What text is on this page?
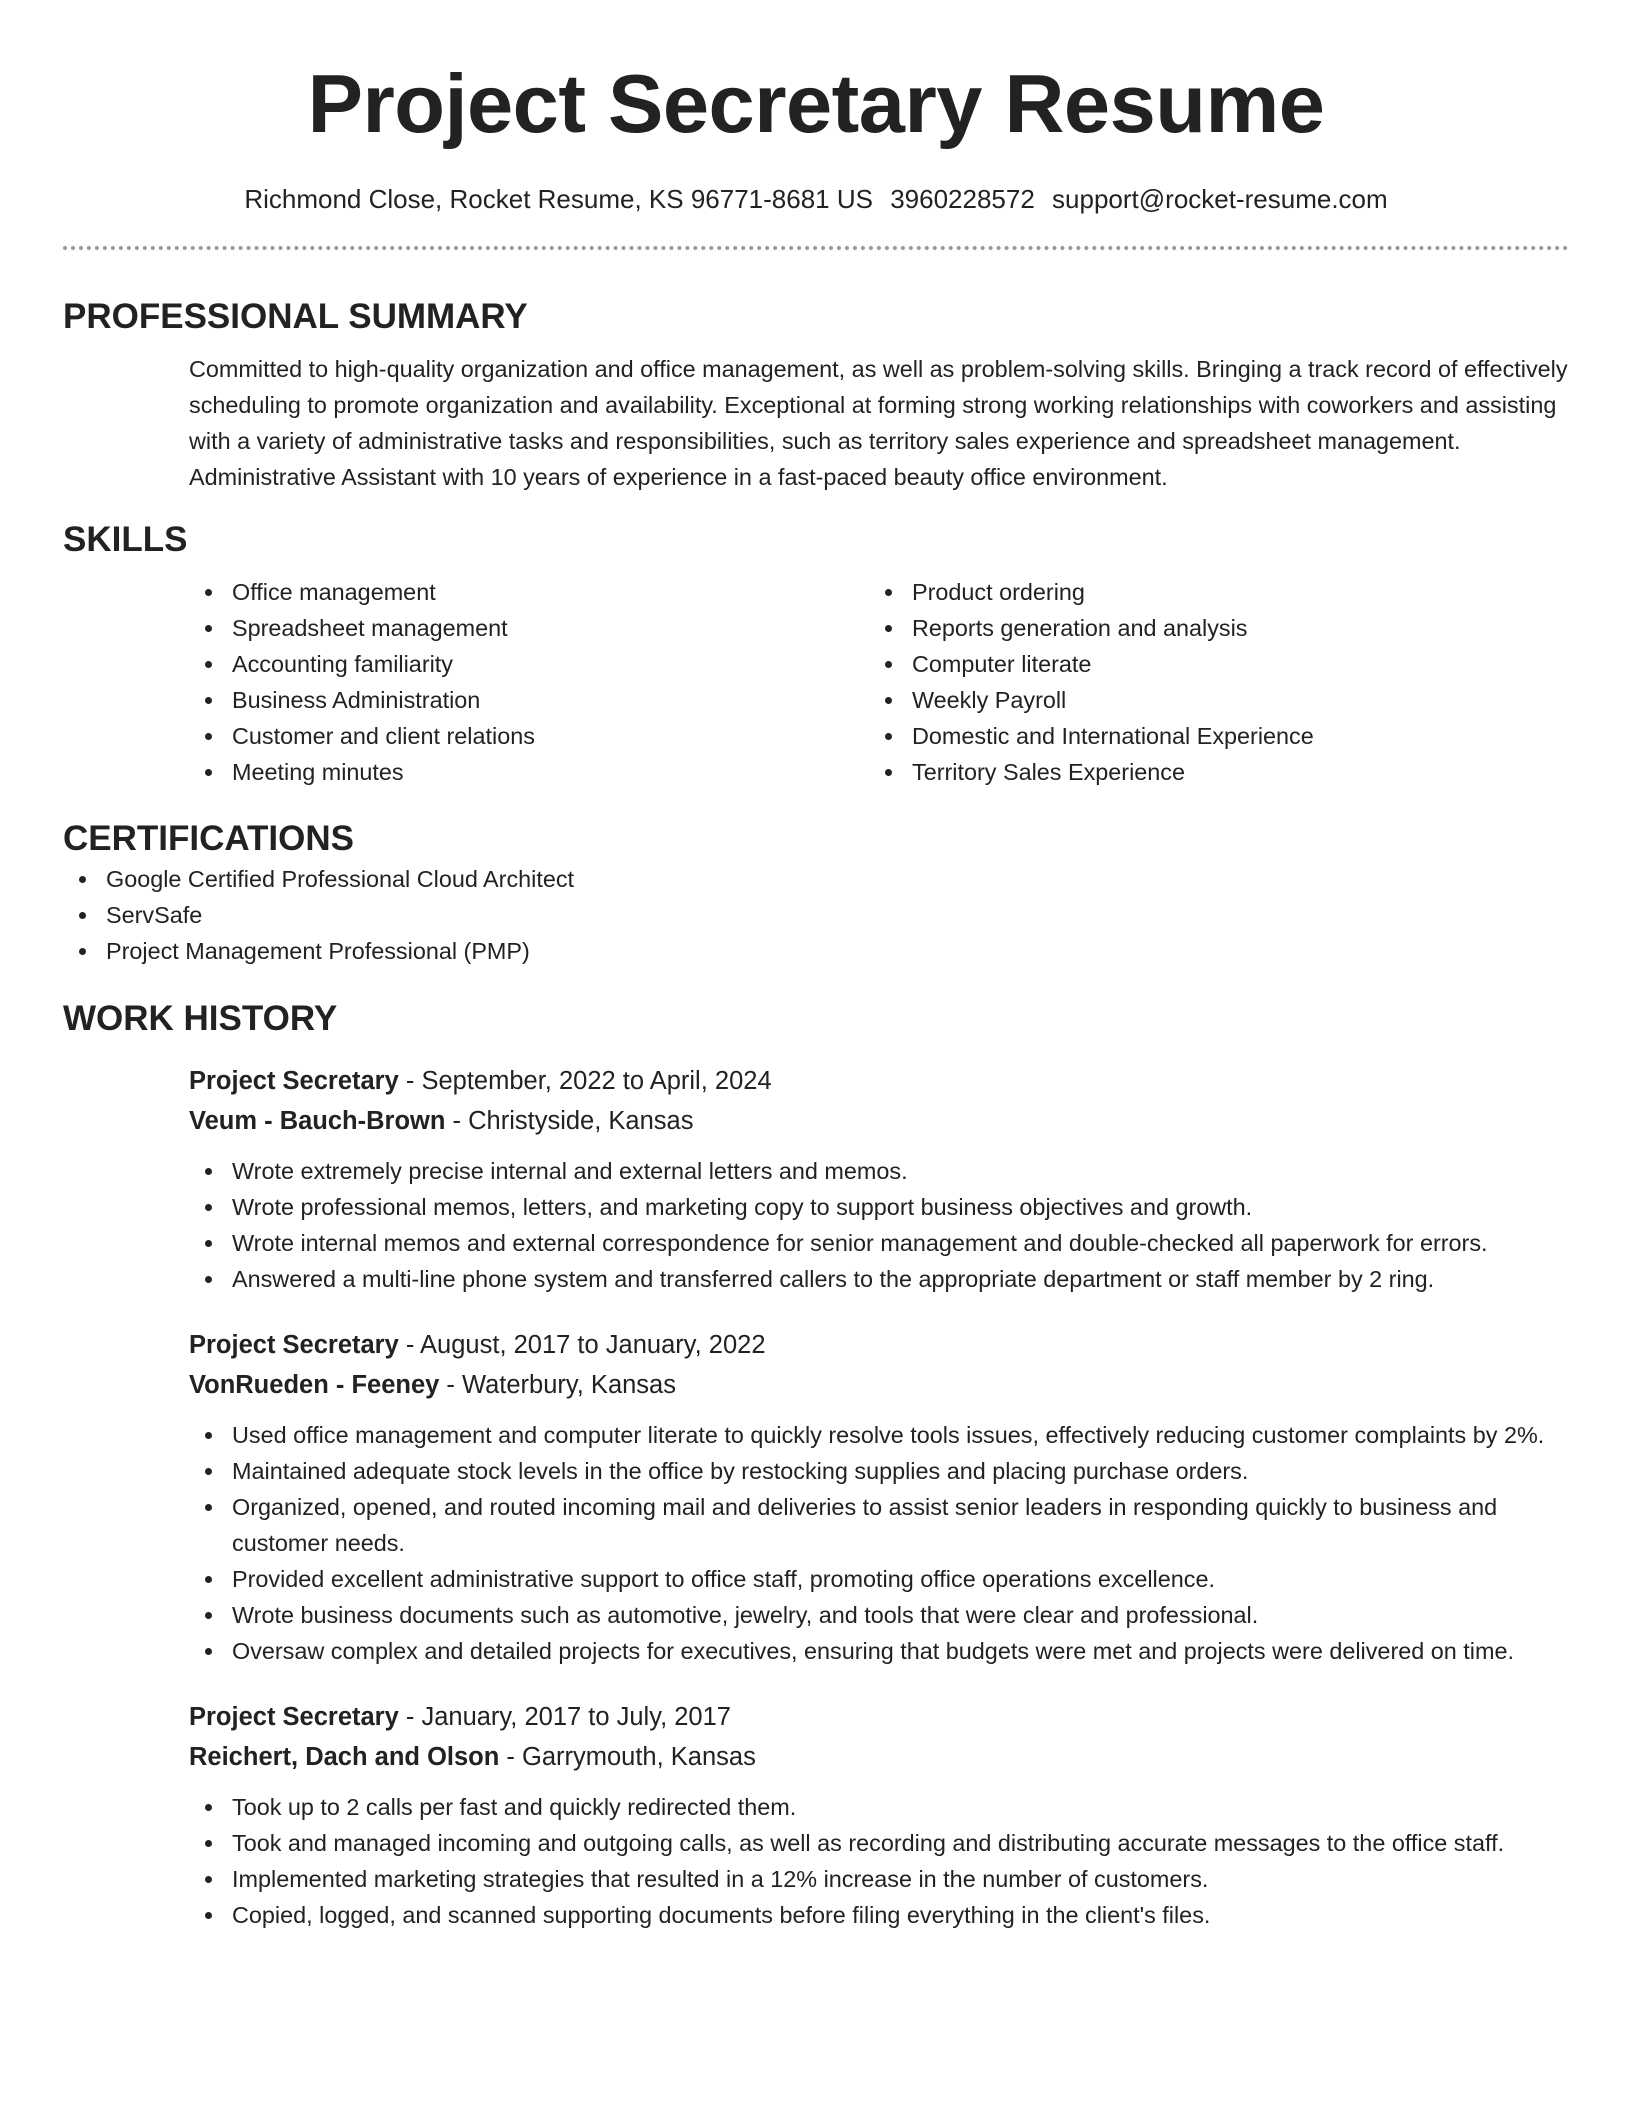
Project Secretary Resume
Richmond Close, Rocket Resume, KS 96771-8681 US 3960228572 support@rocket-resume.com
PROFESSIONAL SUMMARY
Committed to high-quality organization and office management, as well as problem-solving skills. Bringing a track record of effectively scheduling to promote organization and availability. Exceptional at forming strong working relationships with coworkers and assisting with a variety of administrative tasks and responsibilities, such as territory sales experience and spreadsheet management. Administrative Assistant with 10 years of experience in a fast-paced beauty office environment.
SKILLS
Office management
Spreadsheet management
Accounting familiarity
Business Administration
Customer and client relations
Meeting minutes
Product ordering
Reports generation and analysis
Computer literate
Weekly Payroll
Domestic and International Experience
Territory Sales Experience
CERTIFICATIONS
Google Certified Professional Cloud Architect
ServSafe
Project Management Professional (PMP)
WORK HISTORY
Project Secretary - September, 2022 to April, 2024
Veum - Bauch-Brown - Christyside, Kansas
Wrote extremely precise internal and external letters and memos.
Wrote professional memos, letters, and marketing copy to support business objectives and growth.
Wrote internal memos and external correspondence for senior management and double-checked all paperwork for errors.
Answered a multi-line phone system and transferred callers to the appropriate department or staff member by 2 ring.
Project Secretary - August, 2017 to January, 2022
VonRueden - Feeney - Waterbury, Kansas
Used office management and computer literate to quickly resolve tools issues, effectively reducing customer complaints by 2%.
Maintained adequate stock levels in the office by restocking supplies and placing purchase orders.
Organized, opened, and routed incoming mail and deliveries to assist senior leaders in responding quickly to business and customer needs.
Provided excellent administrative support to office staff, promoting office operations excellence.
Wrote business documents such as automotive, jewelry, and tools that were clear and professional.
Oversaw complex and detailed projects for executives, ensuring that budgets were met and projects were delivered on time.
Project Secretary - January, 2017 to July, 2017
Reichert, Dach and Olson - Garrymouth, Kansas
Took up to 2 calls per fast and quickly redirected them.
Took and managed incoming and outgoing calls, as well as recording and distributing accurate messages to the office staff.
Implemented marketing strategies that resulted in a 12% increase in the number of customers.
Copied, logged, and scanned supporting documents before filing everything in the client's files.
